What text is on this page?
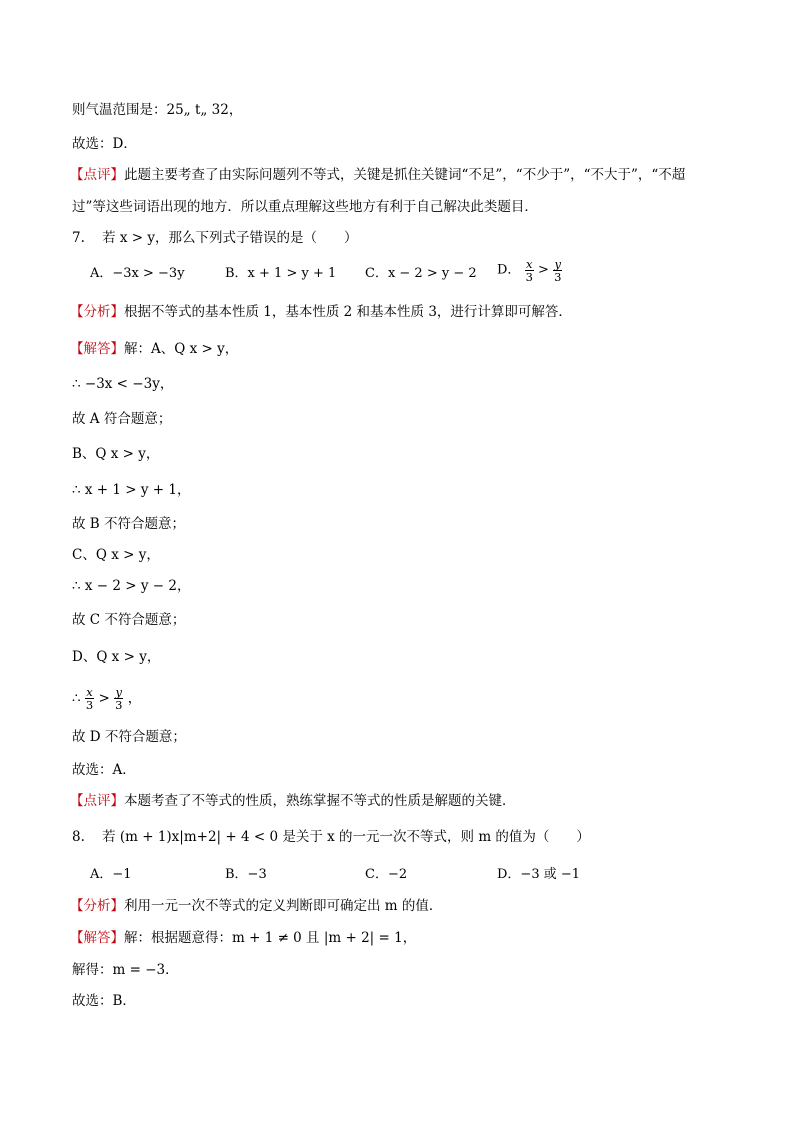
则气温范围是：25„ t„ 32，
故选：D．
【点评】此题主要考查了由实际问题列不等式，关键是抓住关键词“不足”，“不少于”，“不大于”，“不超
过”等这些词语出现的地方．所以重点理解这些地方有利于自己解决此类题目．
7. 若 x > y，那么下列式子错误的是（　　）
A．−3x > −3y	B．x + 1 > y + 1 C．x − 2 > y − 2 D． $\frac{x}{3} > \frac{y}{3}$
【分析】根据不等式的基本性质 1，基本性质 2 和基本性质 3，进行计算即可解答．
【解答】解：A、Q x > y，
∴ −3x < −3y，
故 A 符合题意；
B、Q x > y，
∴ x + 1 > y + 1，
故 B 不符合题意；
C、Q x > y，
∴ x − 2 > y − 2，
故 C 不符合题意；
D、Q x > y，
∴ $\frac{x}{3} > \frac{y}{3}$ ，
故 D 不符合题意；
故选：A．
【点评】本题考查了不等式的性质，熟练掌握不等式的性质是解题的关键．
8. 若 (m + 1)x|m+2| + 4 < 0 是关于 x 的一元一次不等式，则 m 的值为（　　）
A．−1	B．−3	C．−2	D．−3 或 −1
【分析】利用一元一次不等式的定义判断即可确定出 m 的值．
【解答】解：根据题意得：m + 1 ≠ 0 且 |m + 2| = 1，
解得：m = −3．
故选：B．
